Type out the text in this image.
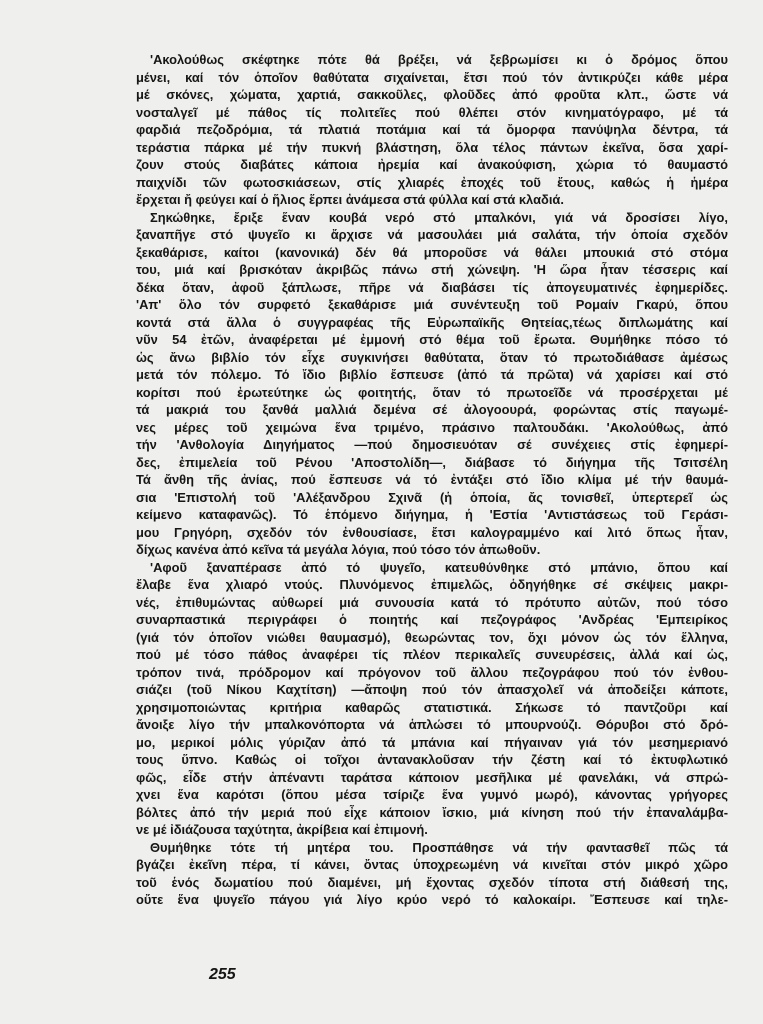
'Ακολούθως σκέφτηκε πότε θά βρέξει, νά ξεβρωμίσει κι ὁ δρόμος ὅπου
μένει, καί τόν ὁποῖον θαθύτατα σιχαίνεται, ἔτσι πού τόν ἀντικρύζει κάθε μέρα
μέ σκόνες, χώματα, χαρτιά, σακκοῦλες, φλοῦδες ἀπό φροῦτα κλπ., ὥστε νά
νοσταλγεῖ μέ πάθος τίς πολιτεῖες πού θλέπει στόν κινηματόγραφο, μέ τά
φαρδιά πεζοδρόμια, τά πλατιά ποτάμια καί τά ὄμορφα πανύψηλα δέντρα, τά
τεράστια πάρκα μέ τήν πυκνή βλάστηση, ὅλα τέλος πάντων ἐκεῖνα, ὅσα χαρί-
ζουν στούς διαβάτες κάποια ἠρεμία καί ἀνακούφιση, χώρια τό θαυμαστό
παιχνίδι τῶν φωτοσκιάσεων, στίς χλιαρές ἐποχές τοῦ ἔτους, καθώς ἡ ἡμέρα
ἔρχεται ἤ φεύγει καί ὁ ἥλιος ἕρπει ἀνάμεσα στά φύλλα καί στά κλαδιά.
Σηκώθηκε, ἔριξε ἕναν κουβά νερό στό μπαλκόνι, γιά νά δροσίσει λίγο,
ξαναπῆγε στό ψυγεῖο κι ἄρχισε νά μασουλάει μιά σαλάτα, τήν ὁποία σχεδόν
ξεκαθάρισε, καίτοι (κανονικά) δέν θά μποροῦσε νά θάλει μπουκιά στό στόμα
του, μιά καί βρισκόταν ἀκριβῶς πάνω στή χώνεψη. 'Η ὥρα ἦταν τέσσερις καί
δέκα ὅταν, ἀφοῦ ξάπλωσε, πῆρε νά διαβάσει τίς ἀπογευματινές ἐφημερίδες.
'Απ' ὅλο τόν συρφετό ξεκαθάρισε μιά συνέντευξη τοῦ Ρομαίν Γκαρύ, ὅπου
κοντά στά ἄλλα ὁ συγγραφέας τῆς Εὐρωπαϊκῆς Θητείας,τέως διπλωμάτης καί
νῦν 54 ἐτῶν, ἀναφέρεται μέ ἐμμονή στό θέμα τοῦ ἔρωτα. Θυμήθηκε πόσο τό
ὡς ἄνω βιβλίο τόν εἶχε συγκινήσει θαθύτατα, ὅταν τό πρωτοδιάθασε ἀμέσως
μετά τόν πόλεμο. Τό ἴδιο βιβλίο ἔσπευσε (ἀπό τά πρῶτα) νά χαρίσει καί στό
κορίτσι πού ἐρωτεύτηκε ὡς φοιτητής, ὅταν τό πρωτοεῖδε νά προσέρχεται μέ
τά μακριά του ξανθά μαλλιά δεμένα σέ ἀλογοουρά, φορώντας στίς παγωμέ-
νες μέρες τοῦ χειμώνα ἕνα τριμένο, πράσινο παλτουδάκι. 'Ακολούθως, ἀπό
τήν 'Ανθολογία Διηγήματος —πού δημοσιευόταν σέ συνέχειες στίς ἐφημερί-
δες, ἐπιμελεία τοῦ Ρένου 'Αποστολίδη—, διάβασε τό διήγημα τῆς Τσιτσέλη
Τά ἄνθη τῆς ἀνίας, πού ἔσπευσε νά τό ἐντάξει στό ἴδιο κλίμα μέ τήν θαυμά-
σια 'Επιστολή τοῦ 'Αλέξανδρου Σχινᾶ (ἡ ὁποία, ἄς τονισθεῖ, ὑπερτερεῖ ὡς
κείμενο καταφανῶς). Τό ἑπόμενο διήγημα, ἡ 'Εστία 'Αντιστάσεως τοῦ Γεράσι-
μου Γρηγόρη, σχεδόν τόν ἐνθουσίασε, ἔτσι καλογραμμένο καί λιτό ὅπως ἦταν,
δίχως κανένα ἀπό κεῖνα τά μεγάλα λόγια, πού τόσο τόν ἀπωθοῦν.
'Αφοῦ ξαναπέρασε ἀπό τό ψυγεῖο, κατευθύνθηκε στό μπάνιο, ὅπου καί
ἔλαβε ἕνα χλιαρό ντούς. Πλυνόμενος ἐπιμελῶς, ὁδηγήθηκε σέ σκέψεις μακρι-
νές, ἐπιθυμώντας αὐθωρεί μιά συνουσία κατά τό πρότυπο αὐτῶν, πού τόσο
συναρπαστικά περιγράφει ὁ ποιητής καί πεζογράφος 'Ανδρέας 'Εμπειρίκος
(γιά τόν ὁποῖον νιώθει θαυμασμό), θεωρώντας τον, ὄχι μόνον ὡς τόν ἕλληνα,
πού μέ τόσο πάθος ἀναφέρει τίς πλέον περικαλεῖς συνευρέσεις, ἀλλά καί ὡς,
τρόπον τινά, πρόδρομον καί πρόγονον τοῦ ἄλλου πεζογράφου πού τόν ἐνθου-
σιάζει (τοῦ Νίκου Καχτίτση) —ἄποψη πού τόν ἀπασχολεῖ νά ἀποδείξει κάποτε,
χρησιμοποιώντας κριτήρια καθαρῶς στατιστικά. Σήκωσε τό παντζοῦρι καί
ἄνοιξε λίγο τήν μπαλκονόπορτα νά ἁπλώσει τό μπουρνούζι. Θόρυβοι στό δρό-
μο, μερικοί μόλις γύριζαν ἀπό τά μπάνια καί πήγαιναν γιά τόν μεσημεριανό
τους ὕπνο. Καθώς οἱ τοῖχοι ἀντανακλοῦσαν τήν ζέστη καί τό ἐκτυφλωτικό
φῶς, εἶδε στήν ἀπέναντι ταράτσα κάποιον μεσῆλικα μέ φανελάκι, νά σπρώ-
χνει ἕνα καρότσι (ὅπου μέσα τσίριζε ἕνα γυμνό μωρό), κάνοντας γρήγορες
βόλτες ἀπό τήν μεριά πού εἶχε κάποιον ἴσκιο, μιά κίνηση πού τήν ἐπαναλάμβα-
νε μέ ἰδιάζουσα ταχύτητα, ἀκρίβεια καί ἐπιμονή.
Θυμήθηκε τότε τή μητέρα του. Προσπάθησε νά τήν φαντασθεῖ πῶς τά
βγάζει ἐκεῖνη πέρα, τί κάνει, ὄντας ὑποχρεωμένη νά κινεῖται στόν μικρό χῶρο
τοῦ ἑνός δωματίου πού διαμένει, μή ἔχοντας σχεδόν τίποτα στή διάθεσή της,
οὔτε ἕνα ψυγεῖο πάγου γιά λίγο κρύο νερό τό καλοκαίρι. Ἔσπευσε καί τηλε-
255
